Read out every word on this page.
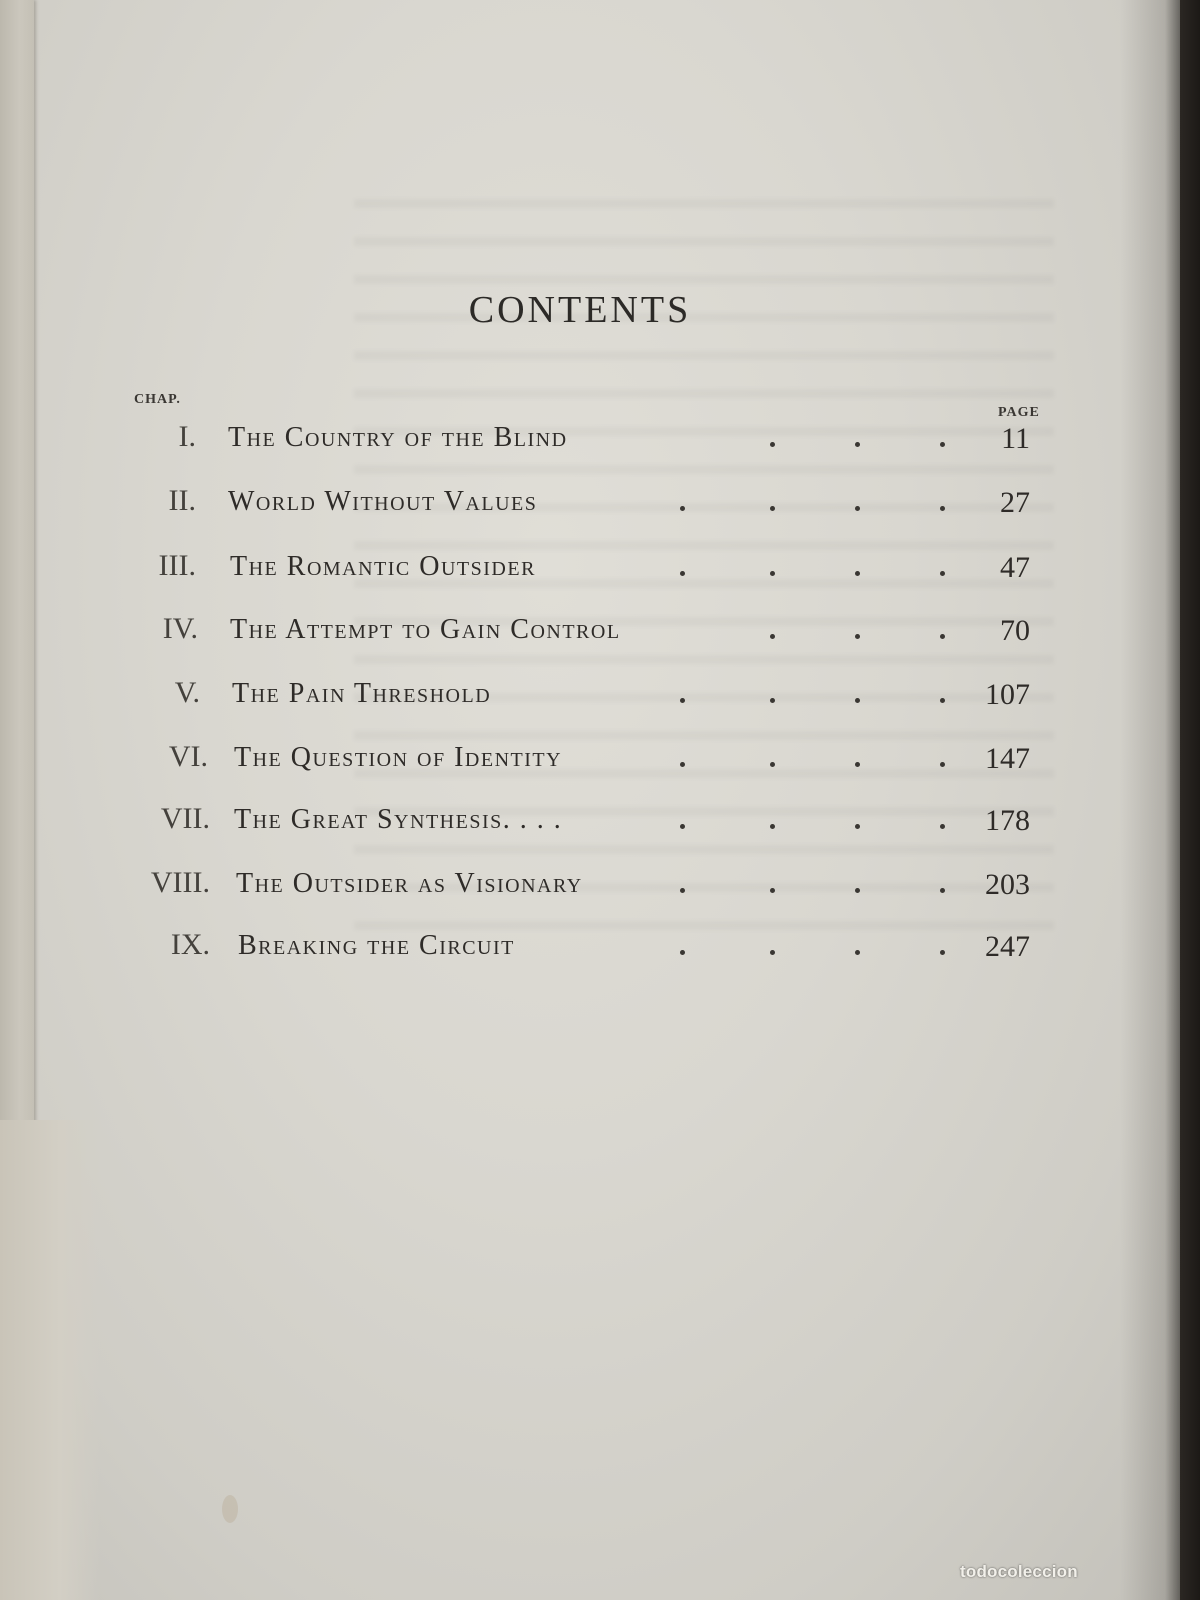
CONTENTS
CHAP.
PAGE
I. The Country of the Blind	11
II. World Without Values	27
III. The Romantic Outsider	47
IV. The Attempt to Gain Control	70
V. The Pain Threshold	107
VI. The Question of Identity	147
VII. The Great Synthesis. . . .	178
VIII. The Outsider as Visionary	203
IX. Breaking the Circuit	247
todocoleccion
